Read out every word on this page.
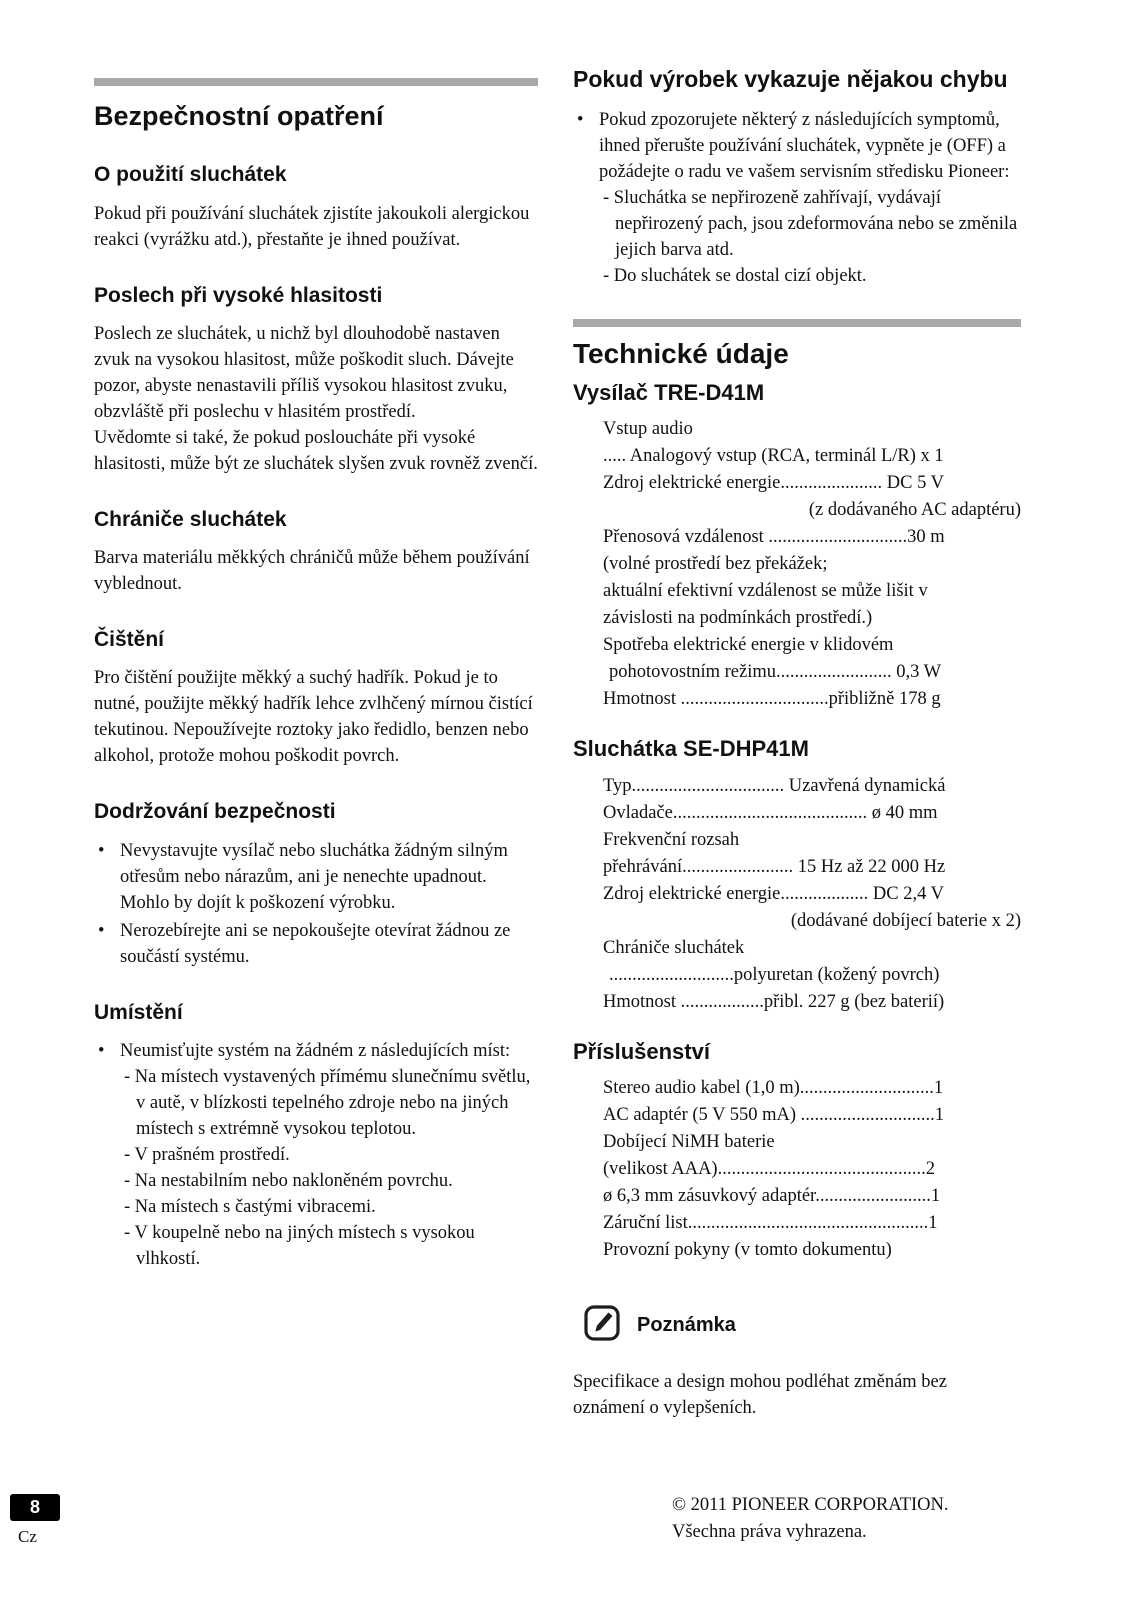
Bezpečnostní opatření
O použití sluchátek

Pokud při používání sluchátek zjistíte jakoukoli alergickou reakci (vyrážku atd.), přestaňte je ihned používat.

Poslech při vysoké hlasitosti

Poslech ze sluchátek, u nichž byl dlouhodobě nastaven zvuk na vysokou hlasitost, může poškodit sluch. Dávejte pozor, abyste nenastavili příliš vysokou hlasitost zvuku, obzvláště při poslechu v hlasitém prostředí.

Uvědomte si také, že pokud posloucháte při vysoké hlasitosti, může být ze sluchátek slyšen zvuk rovněž zvenčí.

Chrániče sluchátek

Barva materiálu měkkých chráničů může během používání vyblednout.

Čištění

Pro čištění použijte měkký a suchý hadřík. Pokud je to nutné, použijte měkký hadřík lehce zvlhčený mírnou čistící tekutinou. Nepoužívejte roztoky jako ředidlo, benzen nebo alkohol, protože mohou poškodit povrch.

Dodržování bezpečnosti
• Nevystavujte vysílač nebo sluchátka žádným silným otřesům nebo nárazům, ani je nenechte upadnout. Mohlo by dojít k poškození výrobku.
• Nerozebírejte ani se nepokoušejte otevírat žádnou ze součástí systému.
Umístění
• Neumisťujte systém na žádném z následujících míst:
- Na místech vystavených přímému slunečnímu světlu, v autě, v blízkosti tepelného zdroje nebo na jiných místech s extrémně vysokou teplotou.
- V prašném prostředí.
- Na nestabilním nebo nakloněném povrchu.
- Na místech s častými vibracemi.
- V koupelně nebo na jiných místech s vysokou vlhkostí.
Pokud výrobek vykazuje nějakou chybu
• Pokud zpozorujete některý z následujících symptomů, ihned přerušte používání sluchátek, vypněte je (OFF) a požádejte o radu ve vašem servisním středisku Pioneer:
- Sluchátka se nepřirozeně zahřívají, vydávají nepřirozený pach, jsou zdeformována nebo se změnila jejich barva atd.
- Do sluchátek se dostal cizí objekt.
Technické údaje
Vysílač TRE-D41M
Vstup audio
..... Analogový vstup (RCA, terminál L/R) x 1
Zdroj elektrické energie...................... DC 5 V
(z dodávaného AC adaptéru)
Přenosová vzdálenost ..............................30 m
(volné prostředí bez překážek;
aktuální efektivní vzdálenost se může lišit v
závislosti na podmínkách prostředí.)
Spotřeba elektrické energie v klidovém
pohotovostním režimu......................... 0,3 W
Hmotnost ................................přibližně 178 g
Sluchátka SE-DHP41M
Typ................................. Uzavřená dynamická
Ovladače.......................................... ø 40 mm
Frekvenční rozsah
přehrávání........................ 15 Hz až 22 000 Hz
Zdroj elektrické energie................... DC 2,4 V
(dodávané dobíjecí baterie x 2)
Chrániče sluchátek
...........................polyuretan (kožený povrch)
Hmotnost ..................přibl. 227 g (bez baterií)
Příslušenství
Stereo audio kabel (1,0 m).............................1
AC adaptér (5 V 550 mA) .............................1
Dobíjecí NiMH baterie
(velikost AAA).............................................2
ø 6,3 mm zásuvkový adaptér.........................1
Záruční list....................................................1
Provozní pokyny (v tomto dokumentu)
Poznámka

Specifikace a design mohou podléhat změnám bez oznámení o vylepšeních.

8
Cz
© 2011 PIONEER CORPORATION.
Všechna práva vyhrazena.
